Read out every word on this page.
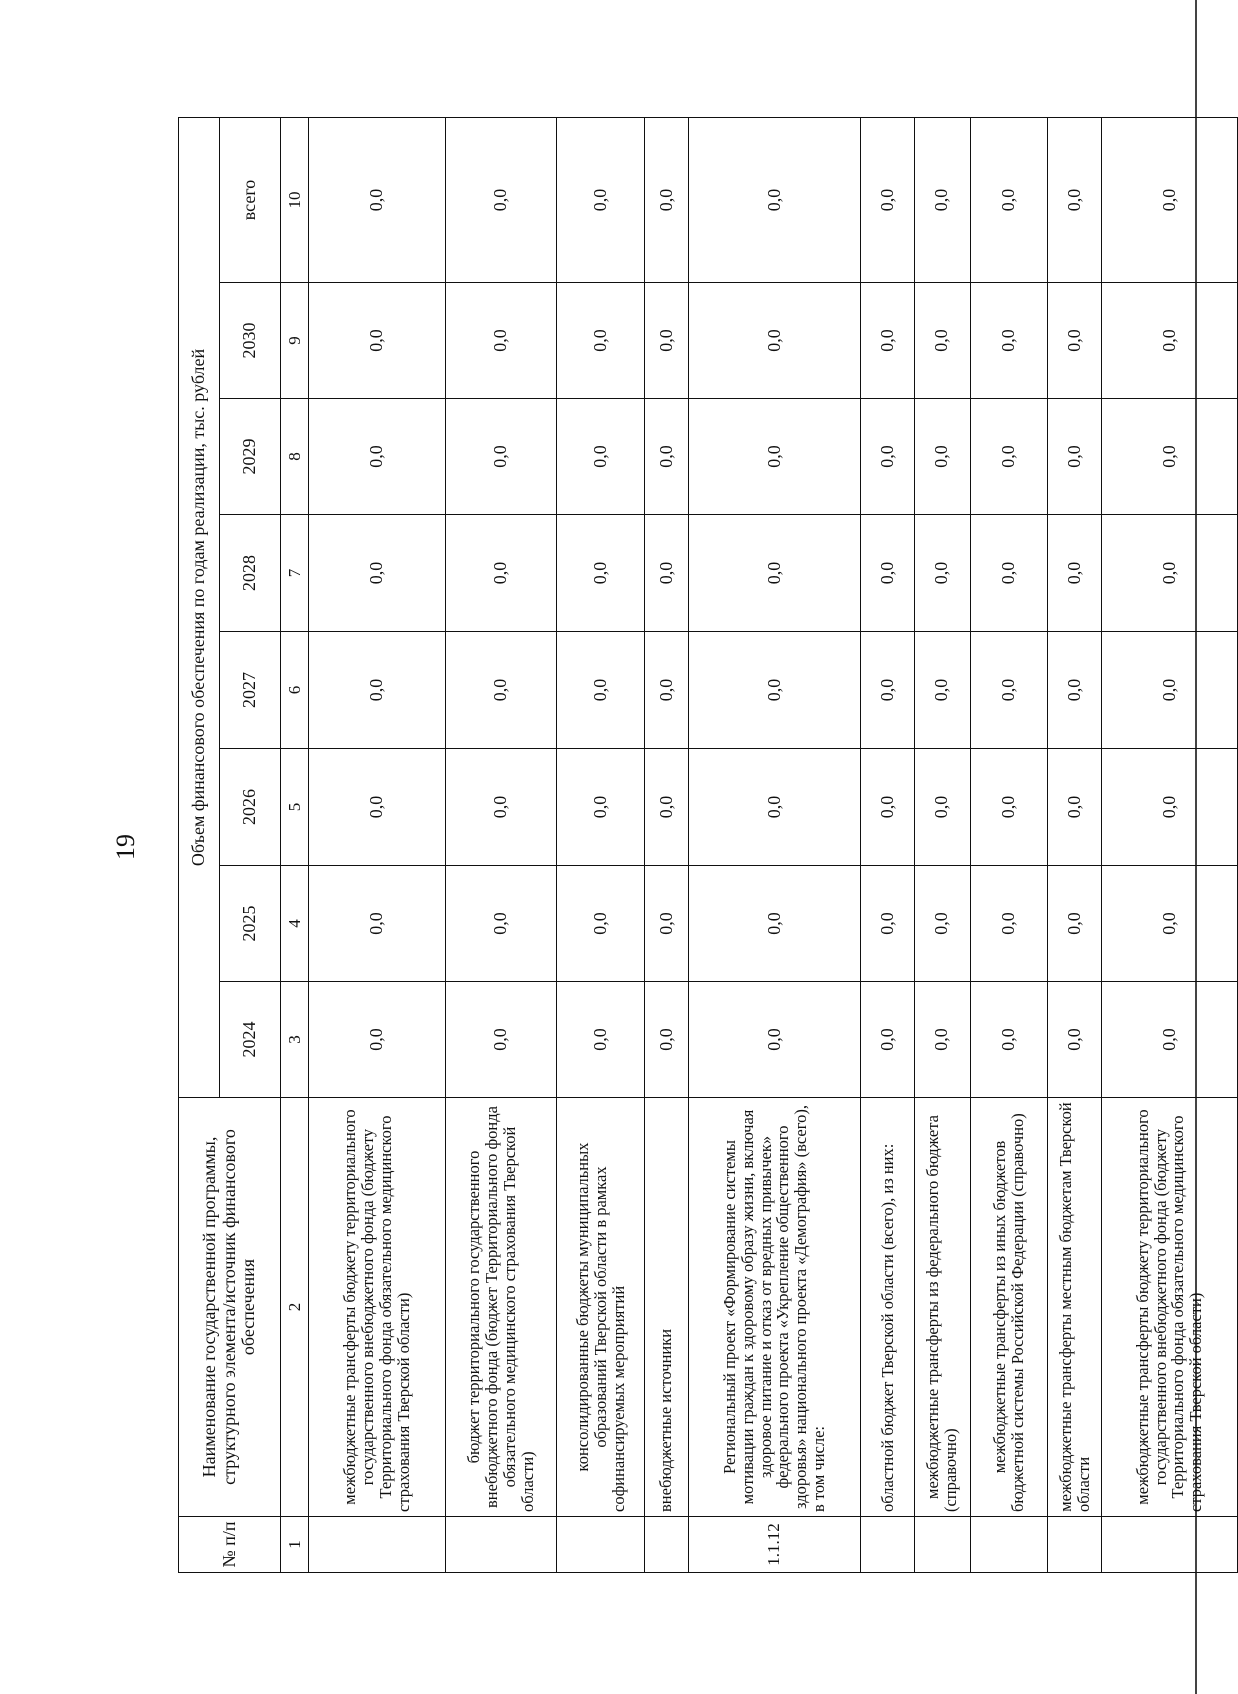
19
№ п/п	Наименование государственной программы, структурного элемента/источник финансового обеспечения	Объем финансового обеспечения по годам реализации, тыс. рублей							
		2024	2025	2026	2027	2028	2029	2030	всего
1	2	3	4	5	6	7	8	9	10
	межбюджетные трансферты бюджету территориального государственного внебюджетного фонда (бюджету Территориального фонда обязательного медицинского страхования Тверской области)	0,0	0,0	0,0	0,0	0,0	0,0	0,0	0,0
	бюджет территориального государственного внебюджетного фонда (бюджет Территориального фонда обязательного медицинского страхования Тверской области)	0,0	0,0	0,0	0,0	0,0	0,0	0,0	0,0
	консолидированные бюджеты муниципальных образований Тверской области в рамках софинансируемых мероприятий	0,0	0,0	0,0	0,0	0,0	0,0	0,0	0,0
	внебюджетные источники	0,0	0,0	0,0	0,0	0,0	0,0	0,0	0,0
1.1.12	Региональный проект «Формирование системы мотивации граждан к здоровому образу жизни, включая здоровое питание и отказ от вредных привычек» федерального проекта «Укрепление общественного здоровья» национального проекта «Демография» (всего), в том числе:	0,0	0,0	0,0	0,0	0,0	0,0	0,0	0,0
	областной бюджет Тверской области (всего), из них:	0,0	0,0	0,0	0,0	0,0	0,0	0,0	0,0
	межбюджетные трансферты из федерального бюджета (справочно)	0,0	0,0	0,0	0,0	0,0	0,0	0,0	0,0
	межбюджетные трансферты из иных бюджетов бюджетной системы Российской Федерации (справочно)	0,0	0,0	0,0	0,0	0,0	0,0	0,0	0,0
	межбюджетные трансферты местным бюджетам Тверской области	0,0	0,0	0,0	0,0	0,0	0,0	0,0	0,0
	межбюджетные трансферты бюджету территориального государственного внебюджетного фонда (бюджету Территориального фонда обязательного медицинского страхования Тверской области)	0,0	0,0	0,0	0,0	0,0	0,0	0,0	0,0
